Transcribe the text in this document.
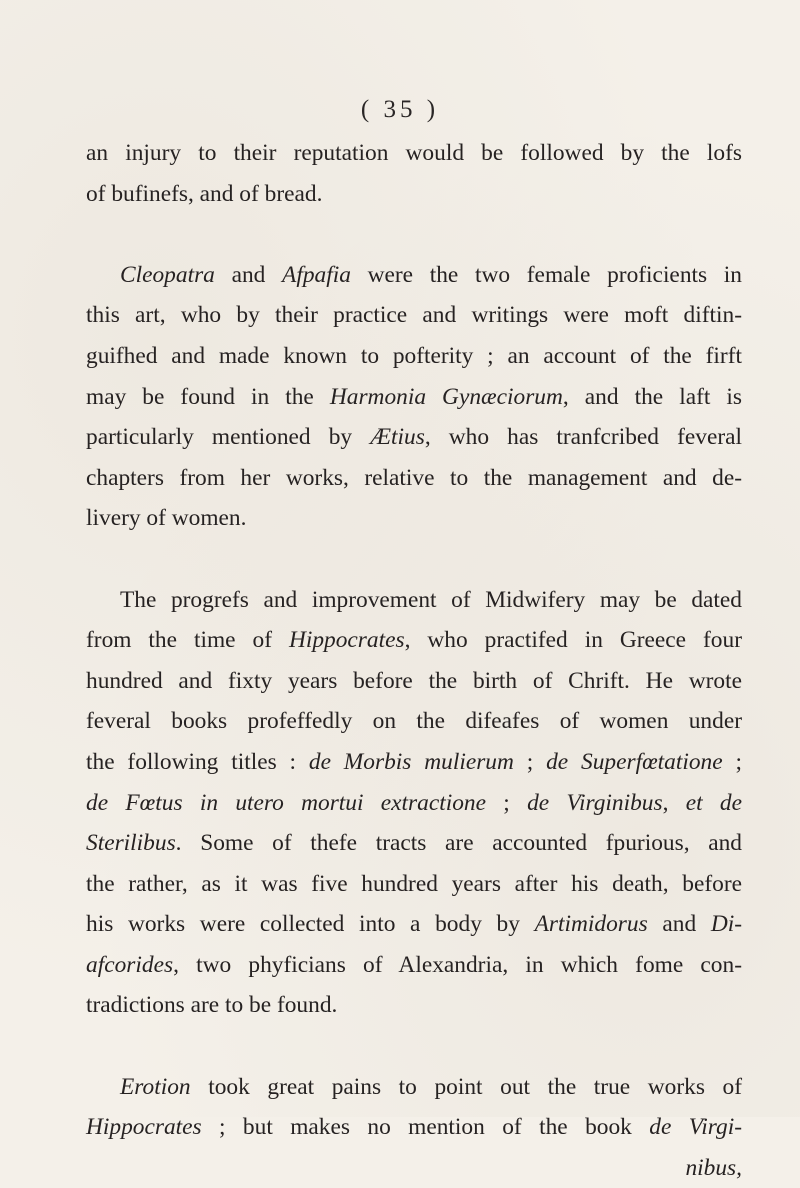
( 35 )
an injury to their reputation would be followed by the lofs
of bufinefs, and of bread.
Cleopatra and Afpafia were the two female proficients in
this art, who by their practice and writings were moft diftin-
guifhed and made known to pofterity ; an account of the firft
may be found in the Harmonia Gynæciorum, and the laft is
particularly mentioned by Ætius, who has tranfcribed feveral
chapters from her works, relative to the management and de-
livery of women.
The progrefs and improvement of Midwifery may be dated
from the time of Hippocrates, who practifed in Greece four
hundred and fixty years before the birth of Chrift. He wrote
feveral books profeffedly on the difeafes of women under
the following titles : de Morbis mulierum ; de Superfœtatione ;
de Fœtus in utero mortui extractione ; de Virginibus, et de
Sterilibus. Some of thefe tracts are accounted fpurious, and
the rather, as it was five hundred years after his death, before
his works were collected into a body by Artimidorus and Di-
afcorides, two phyficians of Alexandria, in which fome con-
tradictions are to be found.
Erotion took great pains to point out the true works of
Hippocrates ; but makes no mention of the book de Virgi-
nibus,
